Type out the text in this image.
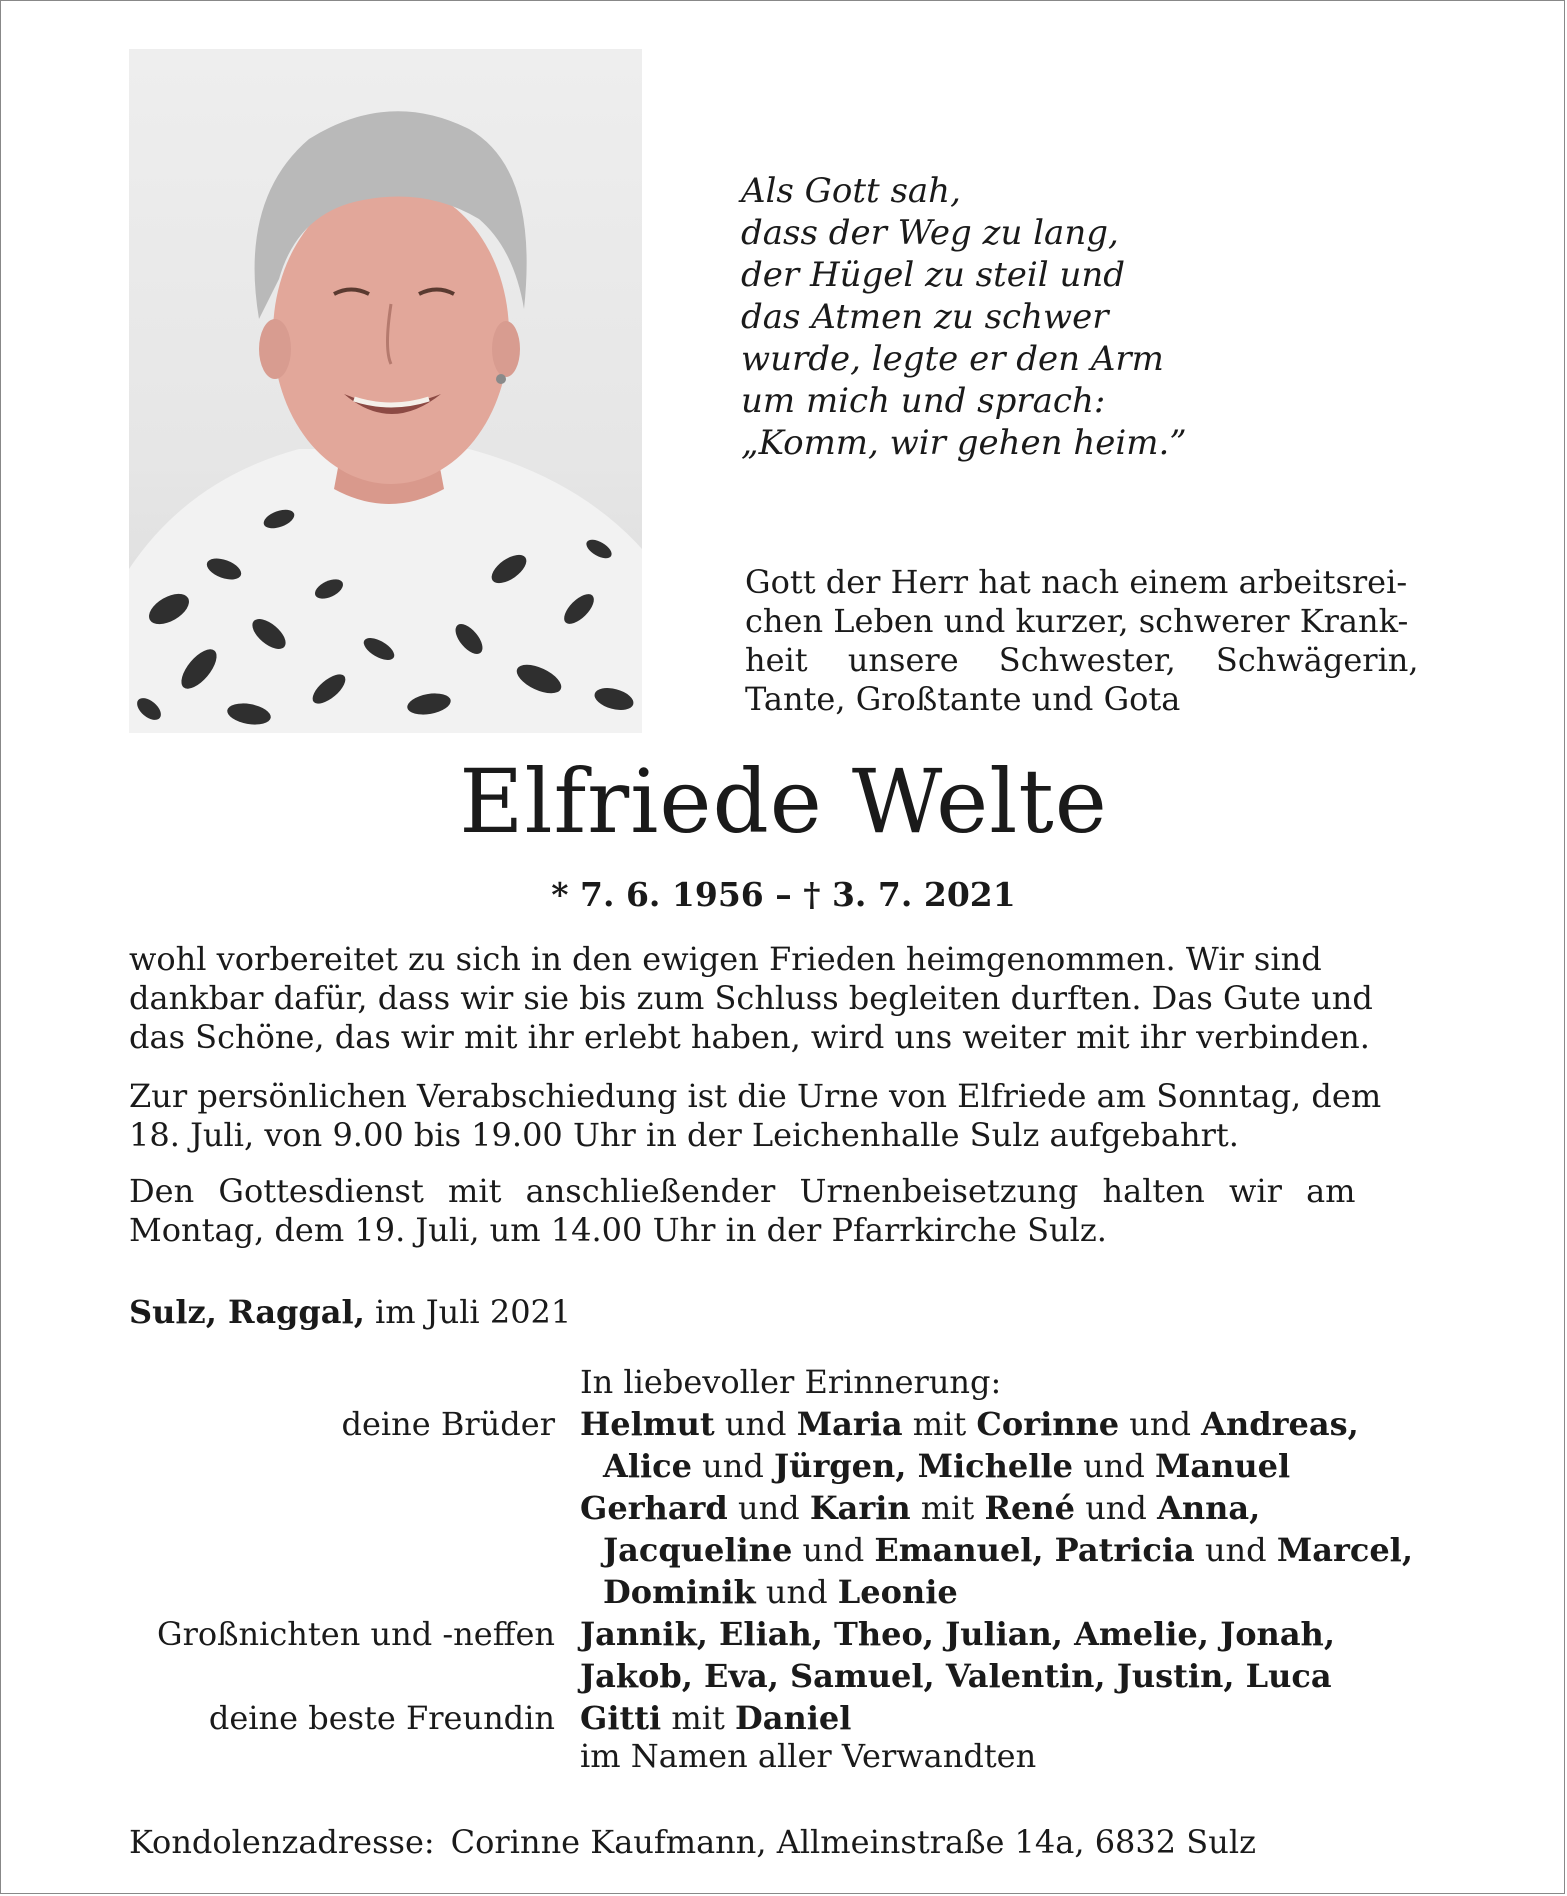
Als Gott sah,
dass der Weg zu lang,
der Hügel zu steil und
das Atmen zu schwer
wurde, legte er den Arm
um mich und sprach:
„Komm, wir gehen heim.”
Gott der Herr hat nach einem arbeitsrei-
chen Leben und kurzer, schwerer Krank-
heit unsere Schwester, Schwägerin,
Tante, Großtante und Gota
Elfriede Welte
* 7. 6. 1956 – † 3. 7. 2021
wohl vorbereitet zu sich in den ewigen Frieden heimgenommen. Wir sind
dankbar dafür, dass wir sie bis zum Schluss begleiten durften. Das Gute und
das Schöne, das wir mit ihr erlebt haben, wird uns weiter mit ihr verbinden.
Zur persönlichen Verabschiedung ist die Urne von Elfriede am Sonntag, dem
18. Juli, von 9.00 bis 19.00 Uhr in der Leichenhalle Sulz aufgebahrt.
Den Gottesdienst mit anschließender Urnenbeisetzung halten wir am
Montag, dem 19. Juli, um 14.00 Uhr in der Pfarrkirche Sulz.
Sulz, Raggal, im Juli 2021
In liebevoller Erinnerung:
deine Brüder Helmut und Maria mit Corinne und Andreas,
Alice und Jürgen, Michelle und Manuel
Gerhard und Karin mit René und Anna,
Jacqueline und Emanuel, Patricia und Marcel,
Dominik und Leonie
Großnichten und -neffen Jannik, Eliah, Theo, Julian, Amelie, Jonah,
Jakob, Eva, Samuel, Valentin, Justin, Luca
deine beste Freundin Gitti mit Daniel
im Namen aller Verwandten
Kondolenzadresse: Corinne Kaufmann, Allmeinstraße 14a, 6832 Sulz
